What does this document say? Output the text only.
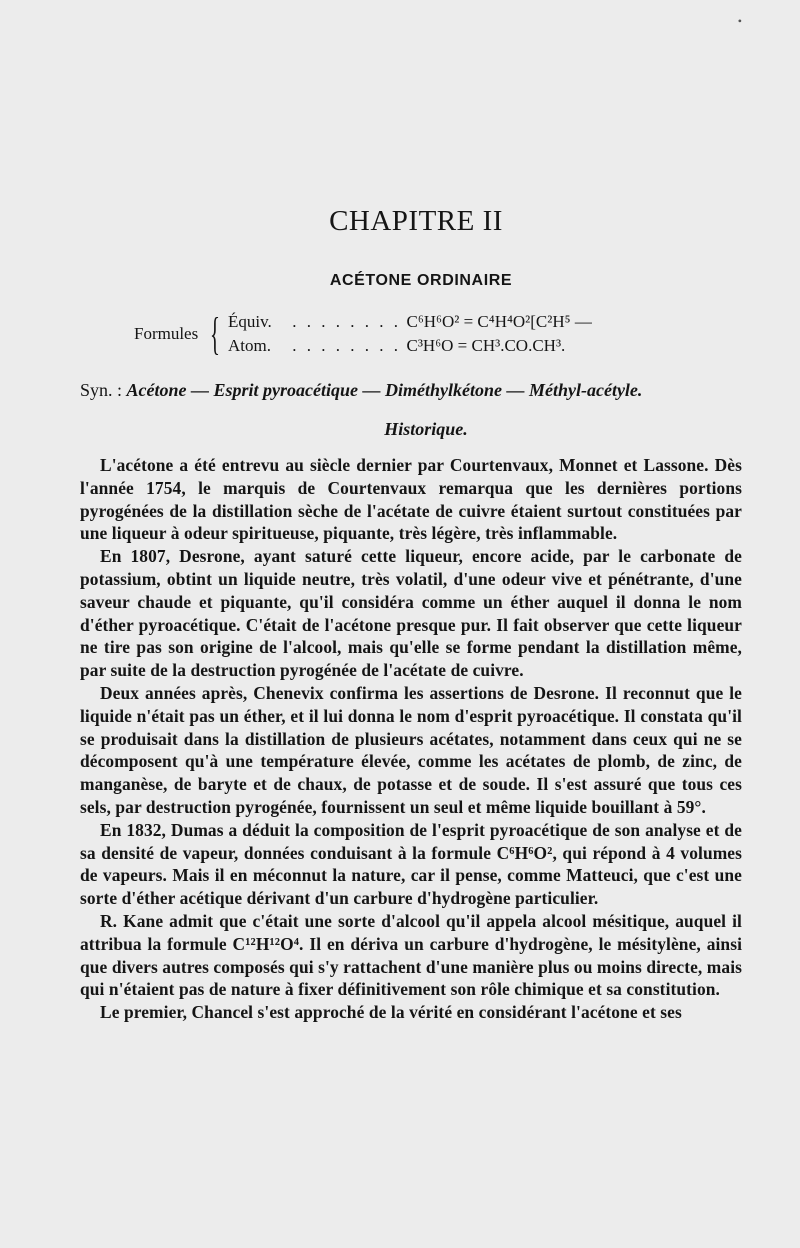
•
CHAPITRE II
ACÉTONE ORDINAIRE
Formules { Équiv. . . . . . . . . C⁶H⁶O² = C⁴H⁴O²[C²H⁵ —
Atom. . . . . . . . . C³H⁶O = CH³.CO.CH³.
Syn. : Acétone — Esprit pyroacétique — Diméthylkétone — Méthyl-acétyle.
Historique.

L'acétone a été entrevu au siècle dernier par Courtenvaux, Monnet et Lassone. Dès l'année 1754, le marquis de Courtenvaux remarqua que les dernières portions pyrogénées de la distillation sèche de l'acétate de cuivre étaient surtout constituées par une liqueur à odeur spiritueuse, piquante, très légère, très inflammable.

En 1807, Desrone, ayant saturé cette liqueur, encore acide, par le carbonate de potassium, obtint un liquide neutre, très volatil, d'une odeur vive et pénétrante, d'une saveur chaude et piquante, qu'il considéra comme un éther auquel il donna le nom d'éther pyroacétique. C'était de l'acétone presque pur. Il fait observer que cette liqueur ne tire pas son origine de l'alcool, mais qu'elle se forme pendant la distillation même, par suite de la destruction pyrogénée de l'acétate de cuivre.

Deux années après, Chenevix confirma les assertions de Desrone. Il reconnut que le liquide n'était pas un éther, et il lui donna le nom d'esprit pyroacétique. Il constata qu'il se produisait dans la distillation de plusieurs acétates, notamment dans ceux qui ne se décomposent qu'à une température élevée, comme les acétates de plomb, de zinc, de manganèse, de baryte et de chaux, de potasse et de soude. Il s'est assuré que tous ces sels, par destruction pyrogénée, fournissent un seul et même liquide bouillant à 59°.

En 1832, Dumas a déduit la composition de l'esprit pyroacétique de son analyse et de sa densité de vapeur, données conduisant à la formule C⁶H⁶O², qui répond à 4 volumes de vapeurs. Mais il en méconnut la nature, car il pense, comme Matteuci, que c'est une sorte d'éther acétique dérivant d'un carbure d'hydrogène particulier.

R. Kane admit que c'était une sorte d'alcool qu'il appela alcool mésitique, auquel il attribua la formule C¹²H¹²O⁴. Il en dériva un carbure d'hydrogène, le mésitylène, ainsi que divers autres composés qui s'y rattachent d'une manière plus ou moins directe, mais qui n'étaient pas de nature à fixer définitivement son rôle chimique et sa constitution.

Le premier, Chancel s'est approché de la vérité en considérant l'acétone et ses
